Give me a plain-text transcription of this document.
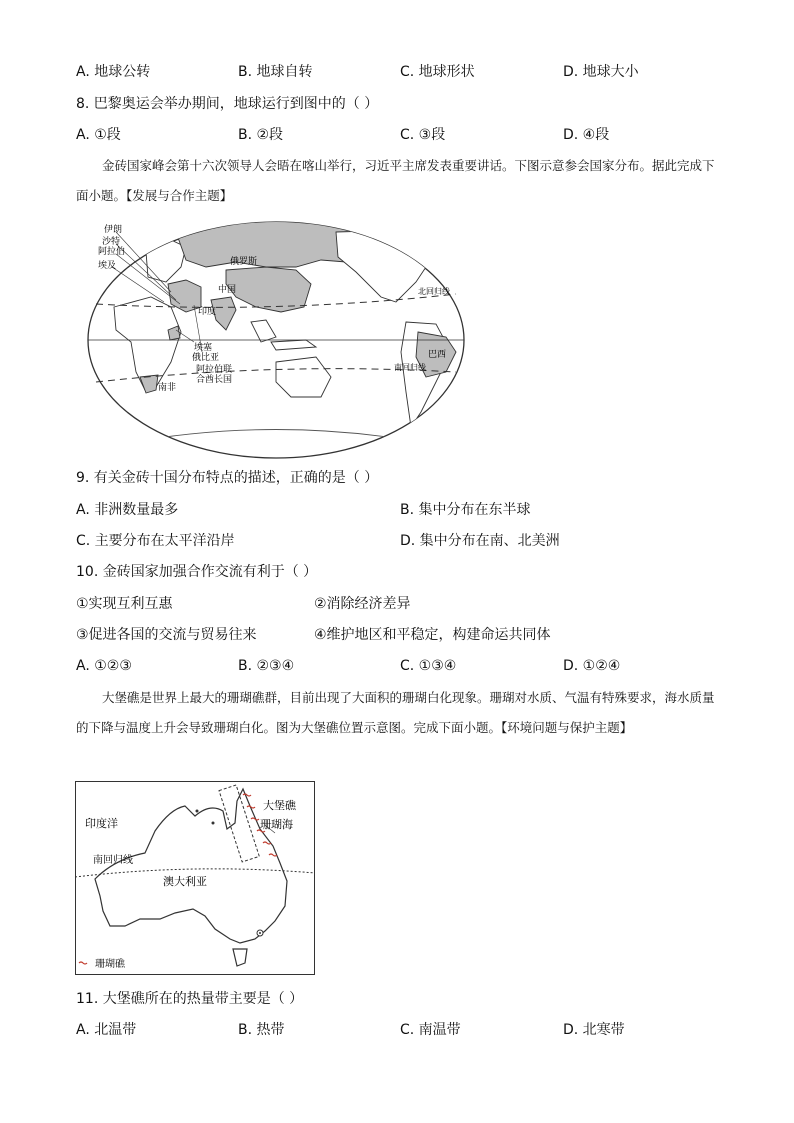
A. 地球公转	B. 地球自转	C. 地球形状	D. 地球大小
8. 巴黎奥运会举办期间，地球运行到图中的（ ）
A. ①段	B. ②段	C. ③段	D. ④段
金砖国家峰会第十六次领导人会晤在喀山举行，习近平主席发表重要讲话。下图示意参会国家分布。据此完成下面小题。【发展与合作主题】
伊朗
沙特
阿拉伯
埃及	俄罗斯
中国
印度
埃塞
俄比亚
阿拉伯联
合酋长国
南非
巴西
北回归线
南回归线
9. 有关金砖十国分布特点的描述，正确的是（ ）
A. 非洲数量最多	B. 集中分布在东半球
C. 主要分布在太平洋沿岸	D. 集中分布在南、北美洲
10. 金砖国家加强合作交流有利于（ ）
①实现互利互惠	②消除经济差异
③促进各国的交流与贸易往来	④维护地区和平稳定，构建命运共同体
A. ①②③	B. ②③④	C. ①③④	D. ①②④
大堡礁是世界上最大的珊瑚礁群，目前出现了大面积的珊瑚白化现象。珊瑚对水质、气温有特殊要求，海水质量的下降与温度上升会导致珊瑚白化。图为大堡礁位置示意图。完成下面小题。【环境问题与保护主题】
印度洋
大堡礁
珊瑚海
南回归线
澳大利亚
珊瑚礁
11. 大堡礁所在的热量带主要是（ ）
A. 北温带	B. 热带	C. 南温带	D. 北寒带
